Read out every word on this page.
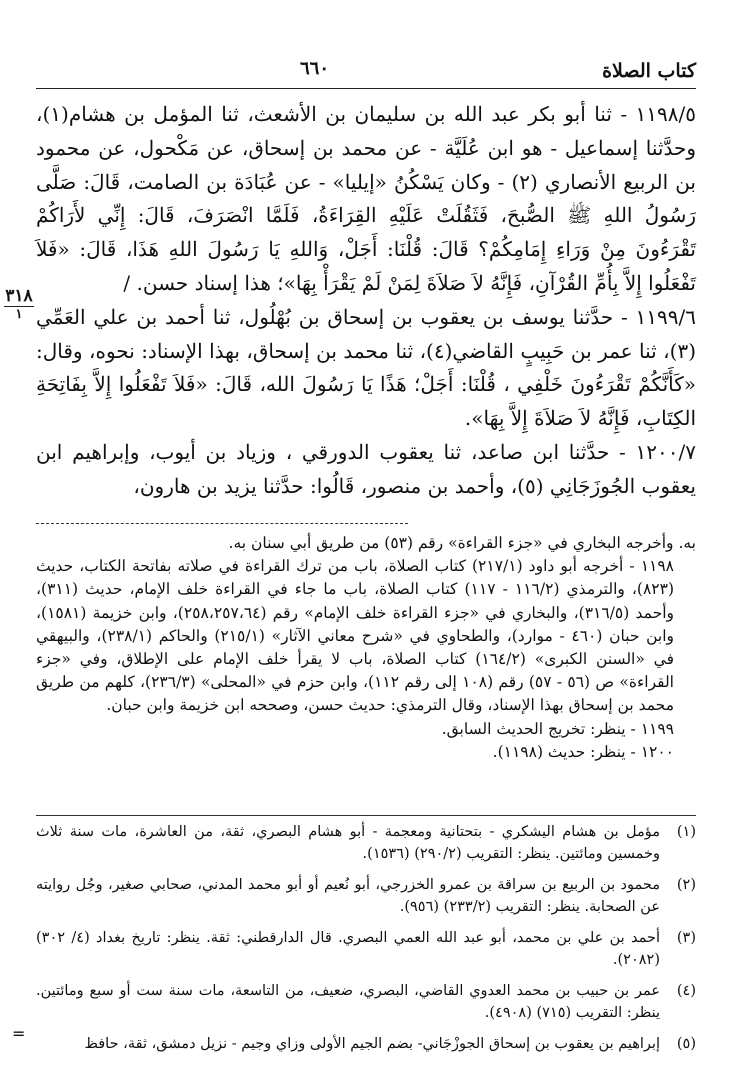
كتاب الصلاة
٦٦٠
٣١٨
١

١١٩٨/٥ - ثنا أبو بكر عبد الله بن سليمان بن الأشعث، ثنا المؤمل بن هشام(١)، وحدَّثنا إسماعيل - هو ابن عُلَيَّة - عن محمد بن إسحاق، عن مَكْحول، عن محمود بن الربيع الأنصاري (٢) - وكان يَسْكُنُ «إيليا» - عن عُبَادَة بن الصامت، قَالَ: صَلَّى رَسُولُ اللهِ ﷺ الصُّبحَ، فَثَقُلَتْ عَلَيْهِ القِرَاءَةُ، فَلَمَّا انْصَرَفَ، قَالَ: إِنِّي لأَرَاكُمْ تَقْرَءُونَ مِنْ وَرَاءِ إِمَامِكُمْ؟ قَالَ: قُلْنَا: أَجَلْ، وَاللهِ يَا رَسُولَ اللهِ هَذَا، قَالَ: «فَلاَ تَفْعَلُوا إِلاَّ بِأُمِّ القُرْآنِ، فَإِنَّهُ لاَ صَلاَةَ لِمَنْ لَمْ يَقْرَأْ بِهَا»؛ هذا إسناد حسن. /

١١٩٩/٦ - حدَّثنا يوسف بن يعقوب بن إسحاق بن بُهْلُول، ثنا أحمد بن علي العَمِّي (٣)، ثنا عمر بن حَبِيبٍ القاضي(٤)، ثنا محمد بن إسحاق، بهذا الإسناد: نحوه، وقال: «كَأَنَّكُمْ تَقْرَءُونَ خَلْفِي ، قُلْنَا: أَجَلْ؛ هَذًا يَا رَسُولَ الله، قَالَ: «فَلاَ تَفْعَلُوا إِلاَّ بِفَاتِحَةِ الكِتَابِ، فَإِنَّهُ لاَ صَلاَةَ إِلاَّ بِهَا».

١٢٠٠/٧ - حدَّثنا ابن صاعد، ثنا يعقوب الدورقي ، وزياد بن أيوب، وإبراهيم ابن يعقوب الجُوزَجَانِي (٥)، وأحمد بن منصور، قَالُوا: حدَّثنا يزيد بن هارون،

به. وأخرجه البخاري في «جزء القراءة» رقم (٥٣) من طريق أبي سنان به.

١١٩٨ - أخرجه أبو داود (٢١٧/١) كتاب الصلاة، باب من ترك القراءة في صلاته بفاتحة الكتاب، حديث (٨٢٣)، والترمذي (١١٦/٢ - ١١٧) كتاب الصلاة، باب ما جاء في القراءة خلف الإمام، حديث (٣١١)، وأحمد (٣١٦/٥)، والبخاري في «جزء القراءة خلف الإمام» رقم (٢٥٨،٢٥٧،٦٤)، وابن خزيمة (١٥٨١)، وابن حبان (٤٦٠ - موارد)، والطحاوي في «شرح معاني الآثار» (٢١٥/١) والحاكم (٢٣٨/١)، والبيهقي في «السنن الكبرى» (١٦٤/٢) كتاب الصلاة، باب لا يقرأ خلف الإمام على الإطلاق، وفي «جزء القراءة» ص (٥٦ - ٥٧) رقم (١٠٨ إلى رقم ١١٢)، وابن حزم في «المحلى» (٢٣٦/٣)، كلهم من طريق محمد بن إسحاق بهذا الإسناد، وقال الترمذي: حديث حسن، وصححه ابن خزيمة وابن حبان.

١١٩٩ - ينظر: تخريج الحديث السابق.

١٢٠٠ - ينظر: حديث (١١٩٨).

(١)
مؤمل بن هشام اليشكري - بتحتانية ومعجمة - أبو هشام البصري، ثقة، من العاشرة، مات سنة ثلاث وخمسين ومائتين. ينظر: التقريب (٢٩٠/٢) (١٥٣٦).
(٢)
محمود بن الربيع بن سراقة بن عمرو الخزرجي، أبو نُعيم أو أبو محمد المدني، صحابي صغير، وجُل روايته عن الصحابة. ينظر: التقريب (٢٣٣/٢) (٩٥٦).
(٣)
أحمد بن علي بن محمد، أبو عبد الله العمي البصري. قال الدارقطني: ثقة. ينظر: تاريخ بغداد (٤/ ٣٠٢) (٢٠٨٢).
(٤)
عمر بن حبيب بن محمد العدوي القاضي، البصري، ضعيف، من التاسعة، مات سنة ست أو سبع ومائتين. ينظر: التقريب (٧١٥) (٤٩٠٨).
(٥)
إبراهيم بن يعقوب بن إسحاق الجوزْجَاني- بضم الجيم الأولى وزاي وجيم - نزيل دمشق، ثقة، حافظ
=
